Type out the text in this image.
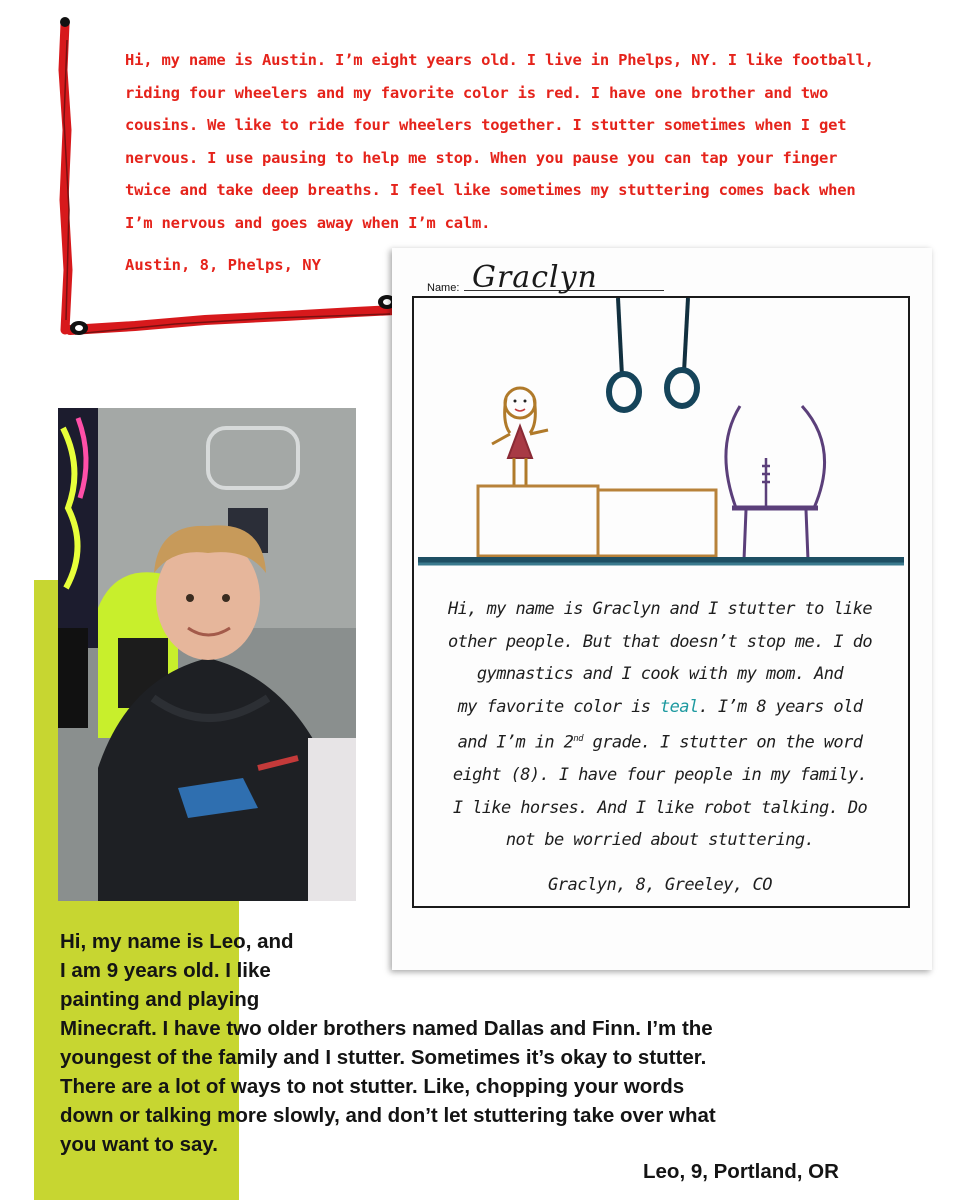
Hi, my name is Austin. I’m eight years old. I live in Phelps, NY. I like football,
riding four wheelers and my favorite color is red. I have one brother and two
cousins. We like to ride four wheelers together. I stutter sometimes when I get
nervous. I use pausing to help me stop. When you pause you can tap your finger
twice and take deep breaths. I feel like sometimes my stuttering comes back when
I’m nervous and goes away when I’m calm.
Austin, 8, Phelps, NY
Name: Graclyn
Hi, my name is Graclyn and I stutter to like
other people. But that doesn’t stop me. I do
gymnastics and I cook with my mom. And
my favorite color is teal. I’m 8 years old
and I’m in 2nd grade. I stutter on the word
eight (8). I have four people in my family.
I like horses. And I like robot talking. Do
not be worried about stuttering.
Graclyn, 8, Greeley, CO
Hi, my name is Leo, and
I am 9 years old. I like
painting and playing
Minecraft. I have two older brothers named Dallas and Finn. I’m the
youngest of the family and I stutter. Sometimes it’s okay to stutter.
There are a lot of ways to not stutter. Like, chopping your words
down or talking more slowly, and don’t let stuttering take over what
you want to say.
Leo, 9, Portland, OR
